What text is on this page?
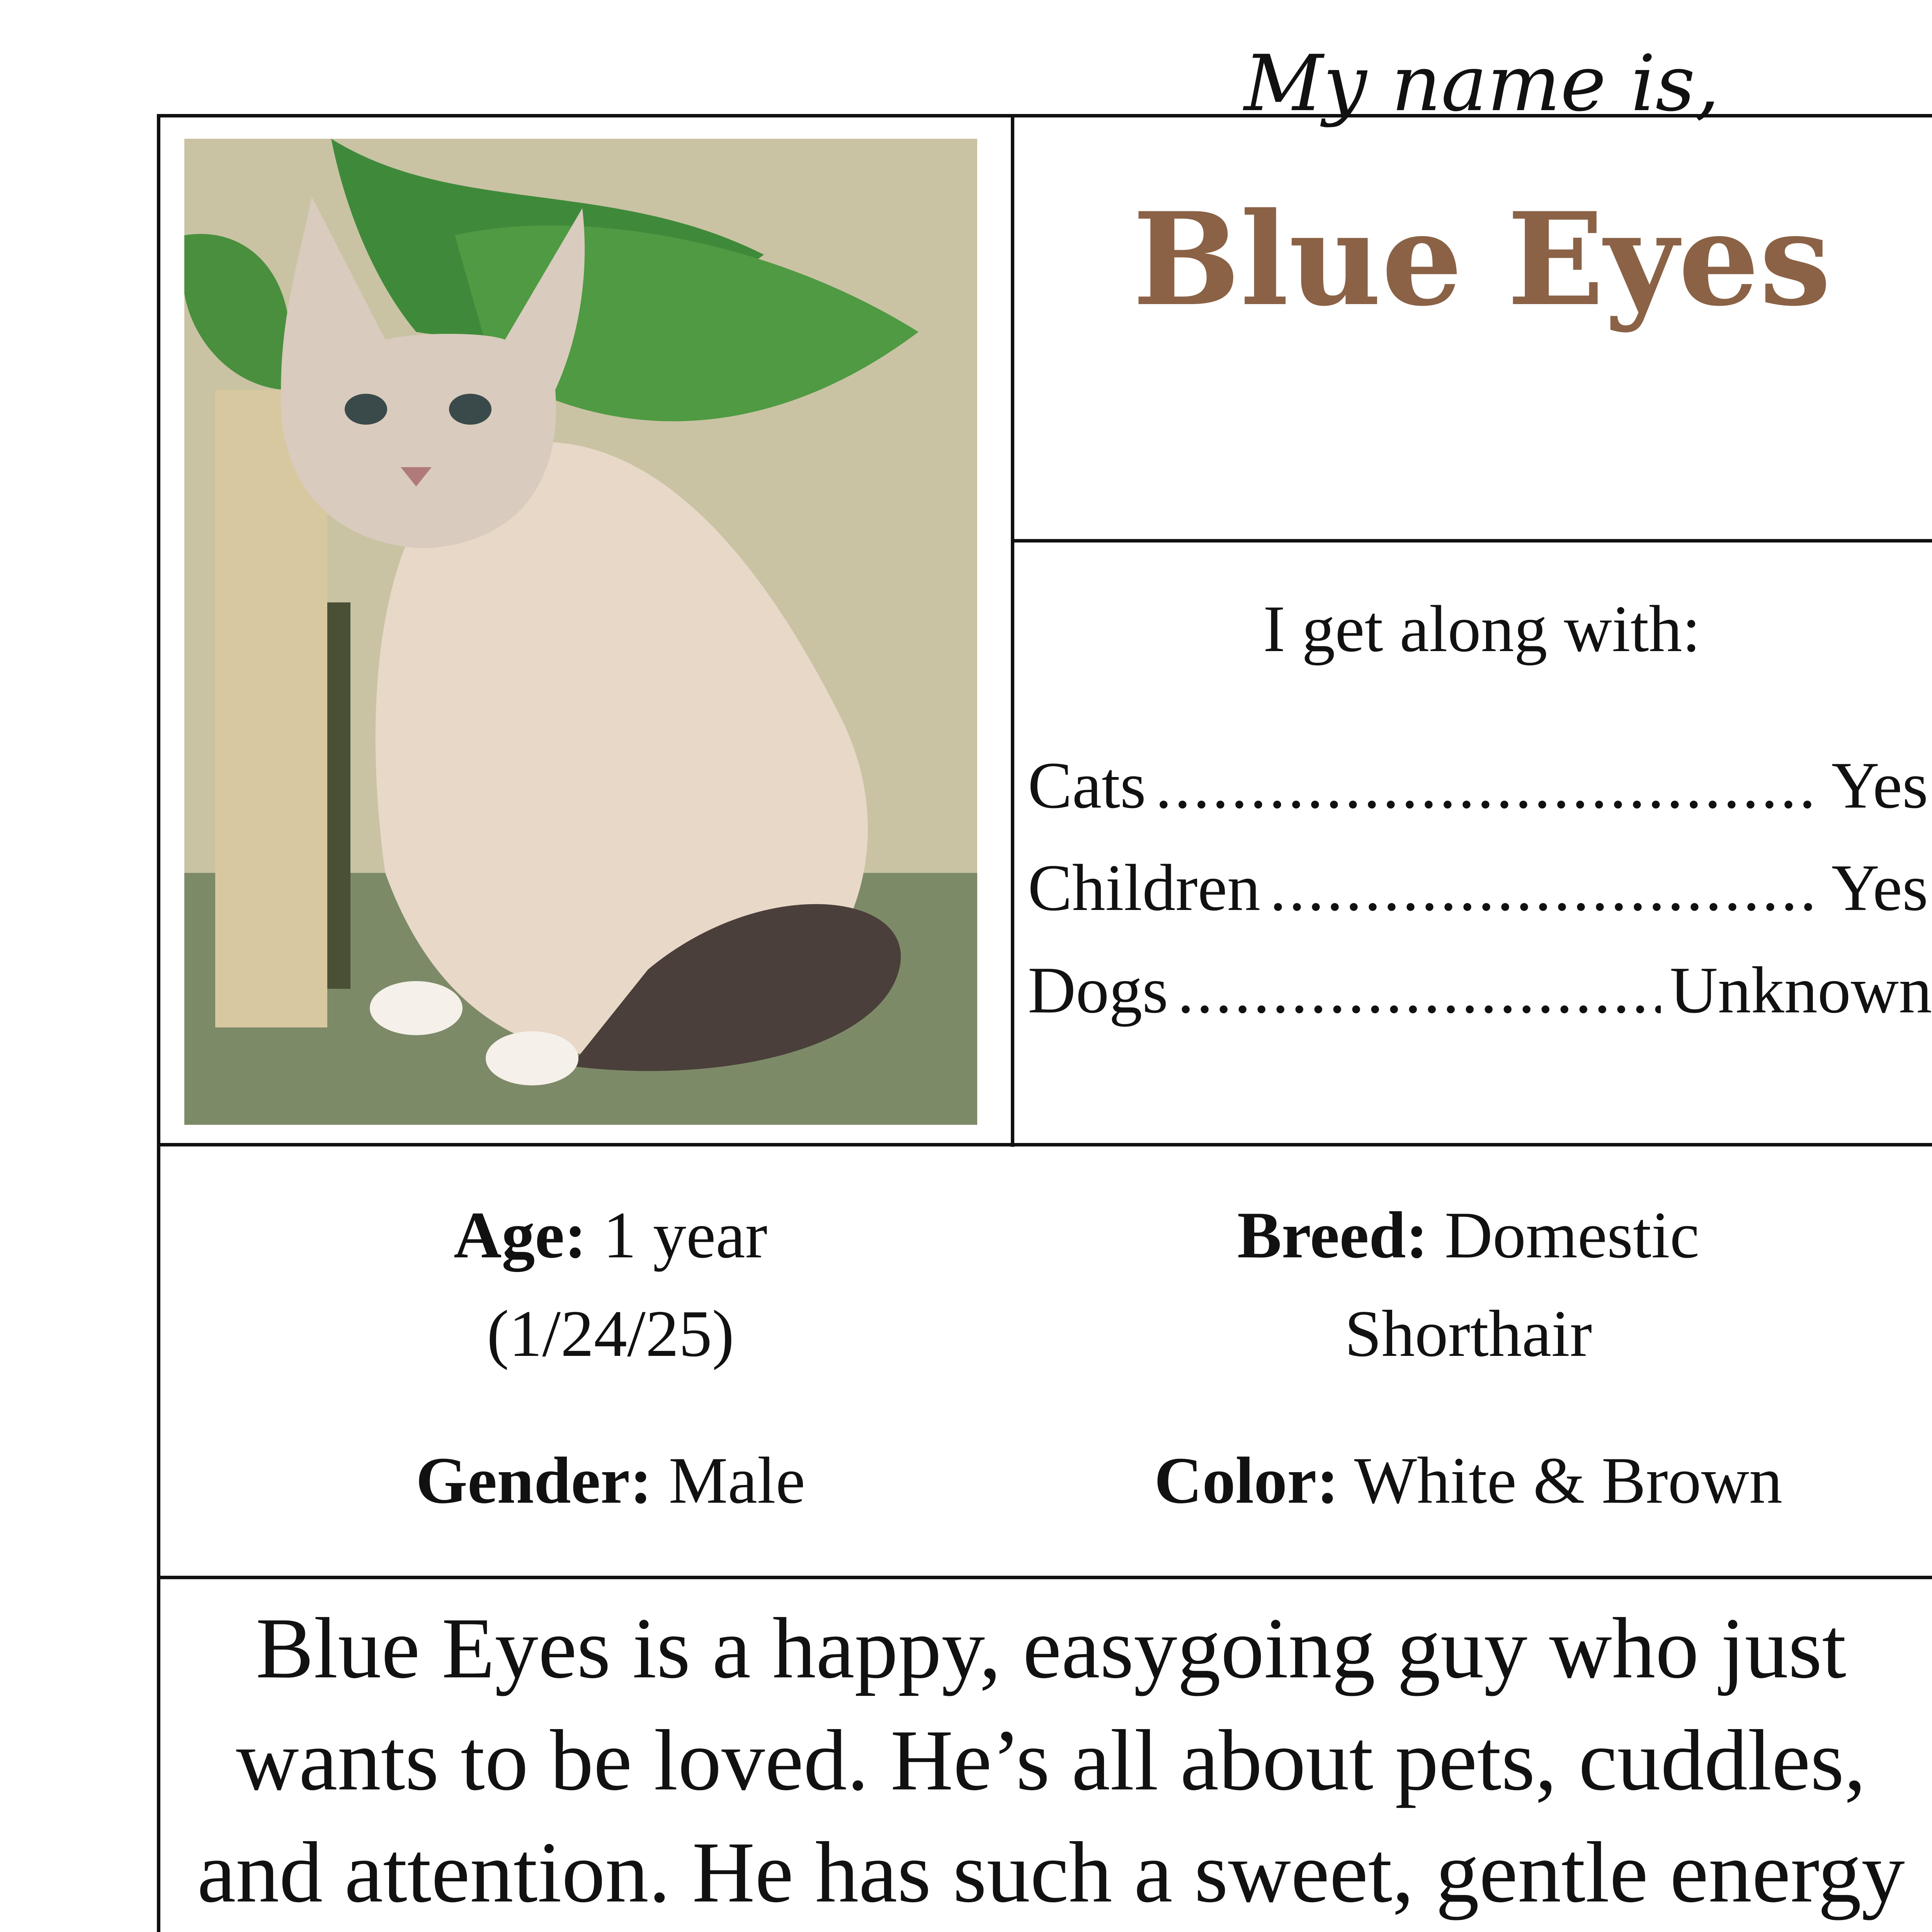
My name is,
Blue Eyes
I get along with:
Cats .....	Yes
Children .....	Yes
Dogs .....	Unknown
Age: 1 year
(1/24/25)
Breed: Domestic
Shorthair
Gender: Male	Color: White & Brown
Blue Eyes is a happy, easygoing guy who just wants to be loved. He’s all about pets, cuddles, and attention. He has such a sweet, gentle energy
